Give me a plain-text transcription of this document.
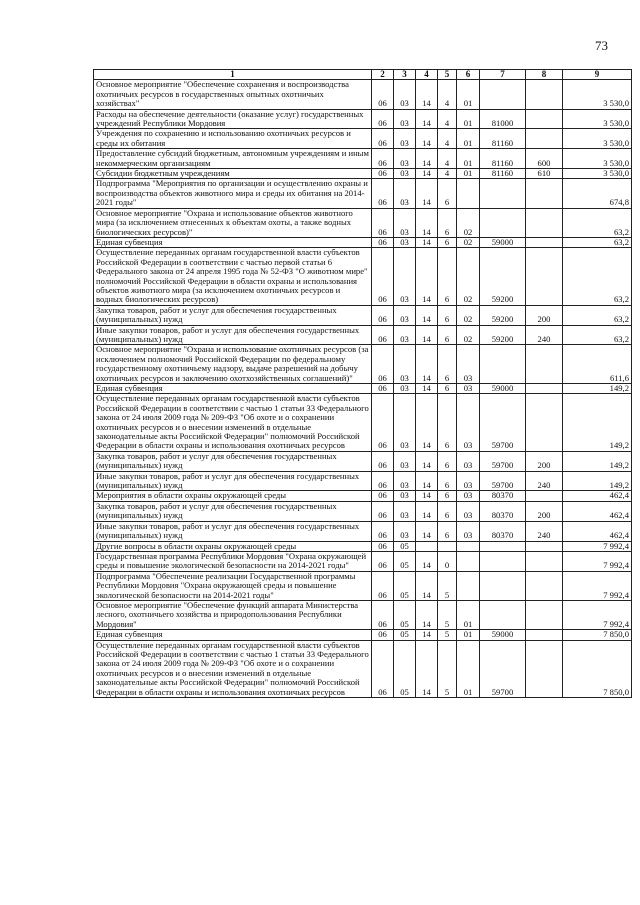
73
1	2	3	4	5	6	7	8	9
Основное мероприятие "Обеспечение сохранения и воспроизводства охотничьих ресурсов в государственных опытных охотничьих хозяйствах"	06	03	14	4	01			3 530,0
Расходы на обеспечение деятельности (оказание услуг) государственных учреждений Республики Мордовия	06	03	14	4	01	81000		3 530,0
Учреждения по сохранению и использованию охотничьих ресурсов и среды их обитания	06	03	14	4	01	81160		3 530,0
Предоставление субсидий бюджетным, автономным учреждениям и иным некоммерческим организациям	06	03	14	4	01	81160	600	3 530,0
Субсидии бюджетным учреждениям	06	03	14	4	01	81160	610	3 530,0
Подпрограмма "Мероприятия по организации и осуществлению охраны и воспроизводства объектов животного мира и среды их обитания на 2014-2021 годы"	06	03	14	6				674,8
Основное мероприятие "Охрана и использование объектов животного мира (за исключением отнесенных к объектам охоты, а также водных биологических ресурсов)"	06	03	14	6	02			63,2
Единая субвенция	06	03	14	6	02	59000		63,2
Осуществление переданных органам государственной власти субъектов Российской Федерации в соответствии с частью первой статьи 6 Федерального закона от 24 апреля 1995 года № 52-ФЗ "О животном мире" полномочий Российской Федерации в области охраны и использования объектов животного мира (за исключением охотничьих ресурсов и водных биологических ресурсов)	06	03	14	6	02	59200		63,2
Закупка товаров, работ и услуг для обеспечения государственных (муниципальных) нужд	06	03	14	6	02	59200	200	63,2
Иные закупки товаров, работ и услуг для обеспечения государственных (муниципальных) нужд	06	03	14	6	02	59200	240	63,2
Основное мероприятие "Охрана и использование охотничьих ресурсов (за исключением полномочий Российской Федерации по федеральному государственному охотничьему надзору, выдаче разрешений на добычу охотничьих ресурсов и заключению охотхозяйственных соглашений)"	06	03	14	6	03			611,6
Единая субвенция	06	03	14	6	03	59000		149,2
Осуществление переданных органам государственной власти субъектов Российской Федерации в соответствии с частью 1 статьи 33 Федерального закона от 24 июля 2009 года № 209-ФЗ "Об охоте и о сохранении охотничьих ресурсов и о внесении изменений в отдельные законодательные акты Российской Федерации" полномочий Российской Федерации в области охраны и использования охотничьих ресурсов	06	03	14	6	03	59700		149,2
Закупка товаров, работ и услуг для обеспечения государственных (муниципальных) нужд	06	03	14	6	03	59700	200	149,2
Иные закупки товаров, работ и услуг для обеспечения государственных (муниципальных) нужд	06	03	14	6	03	59700	240	149,2
Мероприятия в области охраны окружающей среды	06	03	14	6	03	80370		462,4
Закупка товаров, работ и услуг для обеспечения государственных (муниципальных) нужд	06	03	14	6	03	80370	200	462,4
Иные закупки товаров, работ и услуг для обеспечения государственных (муниципальных) нужд	06	03	14	6	03	80370	240	462,4
Другие вопросы в области охраны окружающей среды	06	05						7 992,4
Государственная программа Республики Мордовия "Охрана окружающей среды и повышение экологической безопасности на 2014-2021 годы"	06	05	14	0				7 992,4
Подпрограмма "Обеспечение реализации Государственной программы Республики Мордовия "Охрана окружающей среды и повышение экологической безопасности на 2014-2021 годы"	06	05	14	5				7 992,4
Основное мероприятие "Обеспечение функций аппарата Министерства лесного, охотничьего хозяйства и природопользования Республики Мордовия"	06	05	14	5	01			7 992,4
Единая субвенция	06	05	14	5	01	59000		7 850,0
Осуществление переданных органам государственной власти субъектов Российской Федерации в соответствии с частью 1 статьи 33 Федерального закона от 24 июля 2009 года № 209-ФЗ "Об охоте и о сохранении охотничьих ресурсов и о внесении изменений в отдельные законодательные акты Российской Федерации" полномочий Российской Федерации в области охраны и использования охотничьих ресурсов	06	05	14	5	01	59700		7 850,0
